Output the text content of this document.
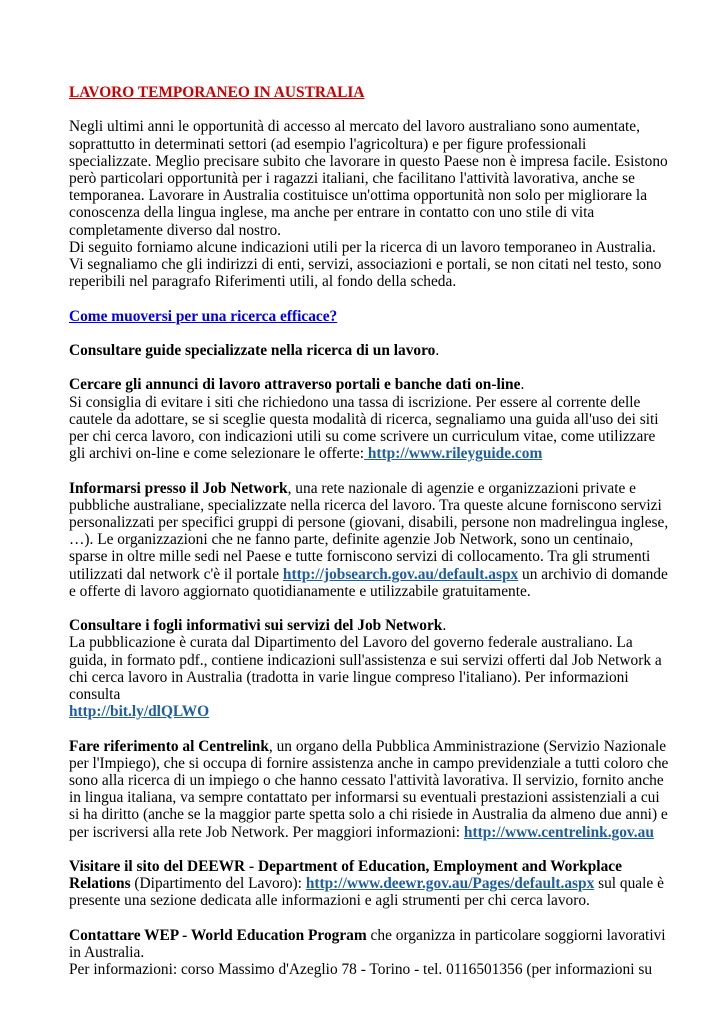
LAVORO TEMPORANEO IN AUSTRALIA

Negli ultimi anni le opportunità di accesso al mercato del lavoro australiano sono aumentate, soprattutto in determinati settori (ad esempio l'agricoltura) e per figure professionali specializzate. Meglio precisare subito che lavorare in questo Paese non è impresa facile. Esistono però particolari opportunità per i ragazzi italiani, che facilitano l'attività lavorativa, anche se temporanea. Lavorare in Australia costituisce un'ottima opportunità non solo per migliorare la conoscenza della lingua inglese, ma anche per entrare in contatto con uno stile di vita completamente diverso dal nostro.
Di seguito forniamo alcune indicazioni utili per la ricerca di un lavoro temporaneo in Australia. Vi segnaliamo che gli indirizzi di enti, servizi, associazioni e portali, se non citati nel testo, sono reperibili nel paragrafo Riferimenti utili, al fondo della scheda.

Come muoversi per una ricerca efficace?

Consultare guide specializzate nella ricerca di un lavoro.

Cercare gli annunci di lavoro attraverso portali e banche dati on-line.
Si consiglia di evitare i siti che richiedono una tassa di iscrizione. Per essere al corrente delle cautele da adottare, se si sceglie questa modalità di ricerca, segnaliamo una guida all'uso dei siti per chi cerca lavoro, con indicazioni utili su come scrivere un curriculum vitae, come utilizzare gli archivi on-line e come selezionare le offerte: http://www.rileyguide.com

Informarsi presso il Job Network, una rete nazionale di agenzie e organizzazioni private e pubbliche australiane, specializzate nella ricerca del lavoro. Tra queste alcune forniscono servizi personalizzati per specifici gruppi di persone (giovani, disabili, persone non madrelingua inglese, …). Le organizzazioni che ne fanno parte, definite agenzie Job Network, sono un centinaio, sparse in oltre mille sedi nel Paese e tutte forniscono servizi di collocamento. Tra gli strumenti utilizzati dal network c'è il portale http://jobsearch.gov.au/default.aspx un archivio di domande e offerte di lavoro aggiornato quotidianamente e utilizzabile gratuitamente.

Consultare i fogli informativi sui servizi del Job Network.
La pubblicazione è curata dal Dipartimento del Lavoro del governo federale australiano. La guida, in formato pdf., contiene indicazioni sull'assistenza e sui servizi offerti dal Job Network a chi cerca lavoro in Australia (tradotta in varie lingue compreso l'italiano). Per informazioni consulta
http://bit.ly/dlQLWO

Fare riferimento al Centrelink, un organo della Pubblica Amministrazione (Servizio Nazionale per l'Impiego), che si occupa di fornire assistenza anche in campo previdenziale a tutti coloro che sono alla ricerca di un impiego o che hanno cessato l'attività lavorativa. Il servizio, fornito anche in lingua italiana, va sempre contattato per informarsi su eventuali prestazioni assistenziali a cui si ha diritto (anche se la maggior parte spetta solo a chi risiede in Australia da almeno due anni) e per iscriversi alla rete Job Network. Per maggiori informazioni: http://www.centrelink.gov.au

Visitare il sito del DEEWR - Department of Education, Employment and Workplace Relations (Dipartimento del Lavoro): http://www.deewr.gov.au/Pages/default.aspx sul quale è presente una sezione dedicata alle informazioni e agli strumenti per chi cerca lavoro.

Contattare WEP - World Education Program che organizza in particolare soggiorni lavorativi in Australia.
Per informazioni: corso Massimo d'Azeglio 78 - Torino - tel. 0116501356 (per informazioni su
